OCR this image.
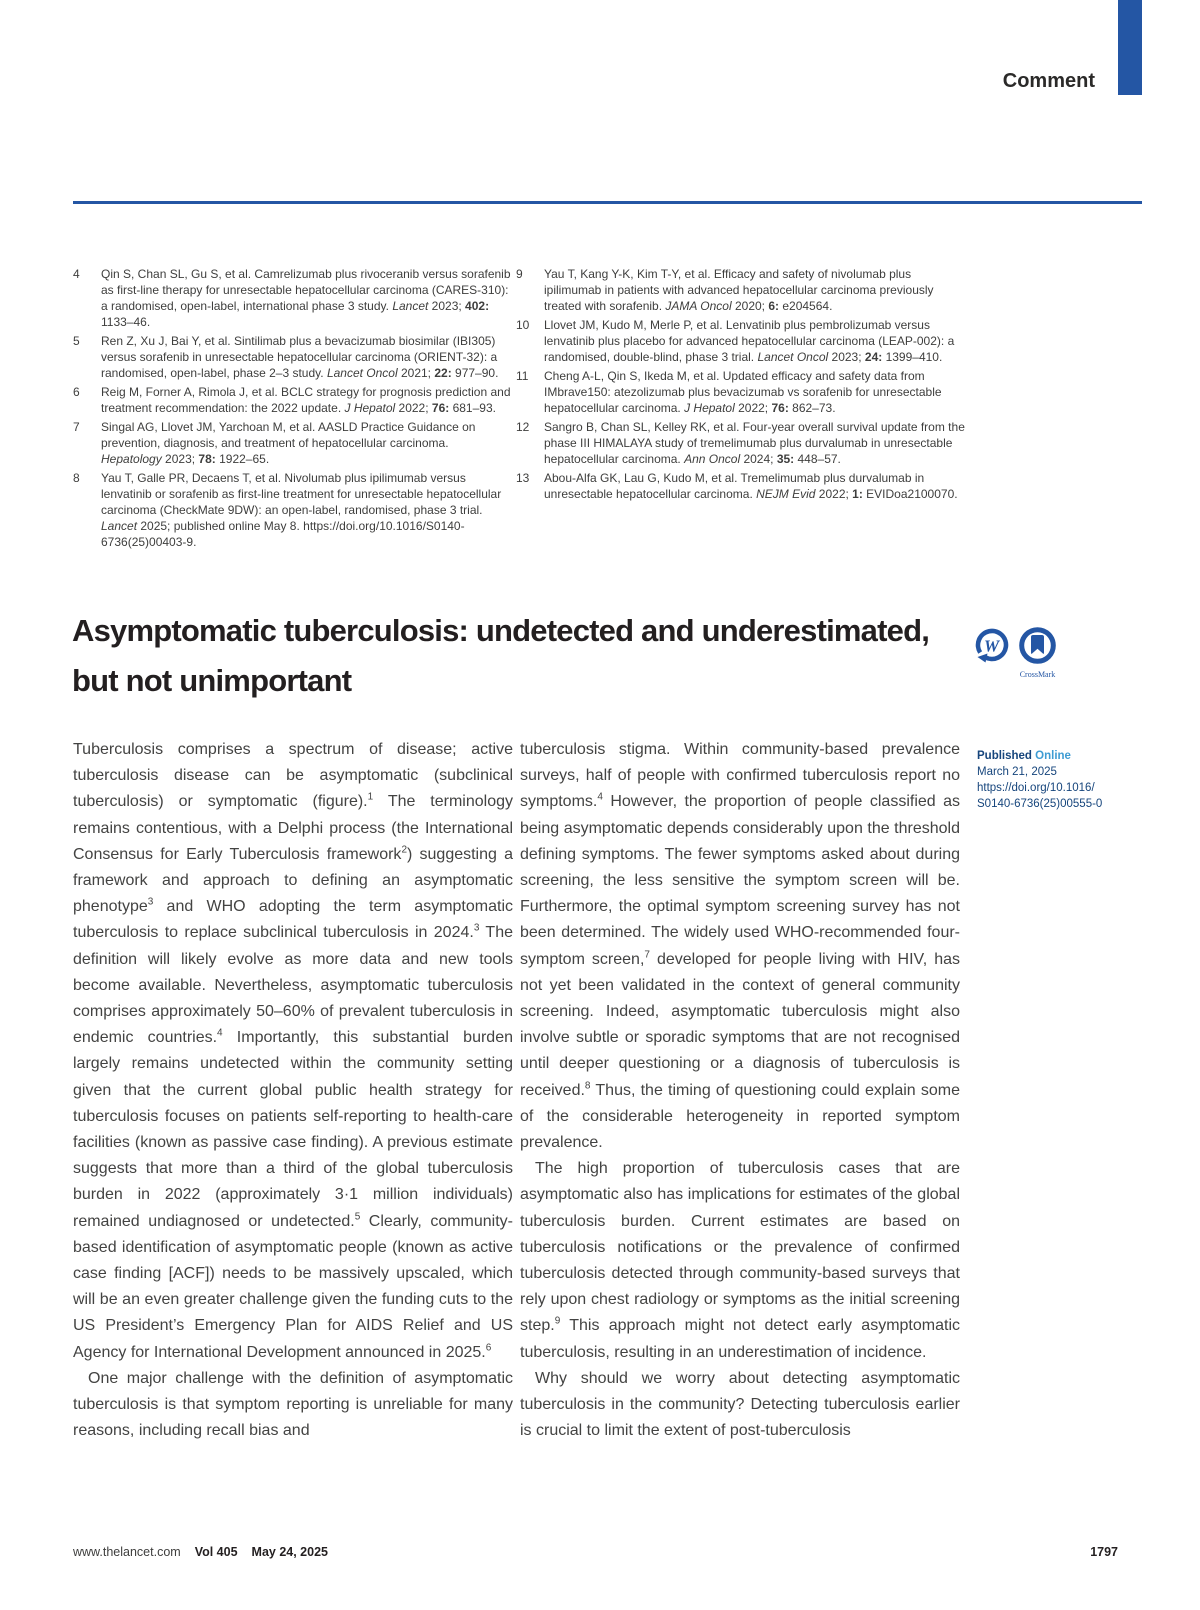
Comment
4	Qin S, Chan SL, Gu S, et al. Camrelizumab plus rivoceranib versus sorafenib as first-line therapy for unresectable hepatocellular carcinoma (CARES-310): a randomised, open-label, international phase 3 study. Lancet 2023; 402: 1133–46.
5	Ren Z, Xu J, Bai Y, et al. Sintilimab plus a bevacizumab biosimilar (IBI305) versus sorafenib in unresectable hepatocellular carcinoma (ORIENT-32): a randomised, open-label, phase 2–3 study. Lancet Oncol 2021; 22: 977–90.
6	Reig M, Forner A, Rimola J, et al. BCLC strategy for prognosis prediction and treatment recommendation: the 2022 update. J Hepatol 2022; 76: 681–93.
7	Singal AG, Llovet JM, Yarchoan M, et al. AASLD Practice Guidance on prevention, diagnosis, and treatment of hepatocellular carcinoma. Hepatology 2023; 78: 1922–65.
8	Yau T, Galle PR, Decaens T, et al. Nivolumab plus ipilimumab versus lenvatinib or sorafenib as first-line treatment for unresectable hepatocellular carcinoma (CheckMate 9DW): an open-label, randomised, phase 3 trial. Lancet 2025; published online May 8. https://doi.org/10.1016/S0140-6736(25)00403-9.
9	Yau T, Kang Y-K, Kim T-Y, et al. Efficacy and safety of nivolumab plus ipilimumab in patients with advanced hepatocellular carcinoma previously treated with sorafenib. JAMA Oncol 2020; 6: e204564.
10	Llovet JM, Kudo M, Merle P, et al. Lenvatinib plus pembrolizumab versus lenvatinib plus placebo for advanced hepatocellular carcinoma (LEAP-002): a randomised, double-blind, phase 3 trial. Lancet Oncol 2023; 24: 1399–410.
11	Cheng A-L, Qin S, Ikeda M, et al. Updated efficacy and safety data from IMbrave150: atezolizumab plus bevacizumab vs sorafenib for unresectable hepatocellular carcinoma. J Hepatol 2022; 76: 862–73.
12	Sangro B, Chan SL, Kelley RK, et al. Four-year overall survival update from the phase III HIMALAYA study of tremelimumab plus durvalumab in unresectable hepatocellular carcinoma. Ann Oncol 2024; 35: 448–57.
13	Abou-Alfa GK, Lau G, Kudo M, et al. Tremelimumab plus durvalumab in unresectable hepatocellular carcinoma. NEJM Evid 2022; 1: EVIDoa2100070.
Asymptomatic tuberculosis: undetected and underestimated,
but not unimportant
W
CrossMark

Tuberculosis comprises a spectrum of disease; active tuberculosis disease can be asymptomatic (subclinical tuberculosis) or symptomatic (figure).$^1$ The terminology remains contentious, with a Delphi process (the International Consensus for Early Tuberculosis framework$^2$) suggesting a framework and approach to defining an asymptomatic phenotype$^3$ and WHO adopting the term asymptomatic tuberculosis to replace subclinical tuberculosis in 2024.$^3$ The definition will likely evolve as more data and new tools become available. Nevertheless, asymptomatic tuberculosis comprises approximately 50–60% of prevalent tuberculosis in endemic countries.$^4$ Importantly, this substantial burden largely remains undetected within the community setting given that the current global public health strategy for tuberculosis focuses on patients self-reporting to health-care facilities (known as passive case finding). A previous estimate suggests that more than a third of the global tuberculosis burden in 2022 (approximately 3·1 million individuals) remained undiagnosed or undetected.$^5$ Clearly, community-based identification of asymptomatic people (known as active case finding [ACF]) needs to be massively upscaled, which will be an even greater challenge given the funding cuts to the US President’s Emergency Plan for AIDS Relief and US Agency for International Development announced in 2025.$^6$

One major challenge with the definition of asymptomatic tuberculosis is that symptom reporting is unreliable for many reasons, including recall bias and

tuberculosis stigma. Within community-based prevalence surveys, half of people with confirmed tuberculosis report no symptoms.$^4$ However, the proportion of people classified as being asymptomatic depends considerably upon the threshold defining symptoms. The fewer symptoms asked about during screening, the less sensitive the symptom screen will be. Furthermore, the optimal symptom screening survey has not been determined. The widely used WHO-recommended four-symptom screen,$^7$ developed for people living with HIV, has not yet been validated in the context of general community screening. Indeed, asymptomatic tuberculosis might also involve subtle or sporadic symptoms that are not recognised until deeper questioning or a diagnosis of tuberculosis is received.$^8$ Thus, the timing of questioning could explain some of the considerable heterogeneity in reported symptom prevalence.

The high proportion of tuberculosis cases that are asymptomatic also has implications for estimates of the global tuberculosis burden. Current estimates are based on tuberculosis notifications or the prevalence of confirmed tuberculosis detected through community-based surveys that rely upon chest radiology or symptoms as the initial screening step.$^9$ This approach might not detect early asymptomatic tuberculosis, resulting in an underestimation of incidence.

Why should we worry about detecting asymptomatic tuberculosis in the community? Detecting tuberculosis earlier is crucial to limit the extent of post-tuberculosis

Published Online
March 21, 2025
https://doi.org/10.1016/
S0140-6736(25)00555-0
www.thelancet.com Vol 405 May 24, 2025	1797
